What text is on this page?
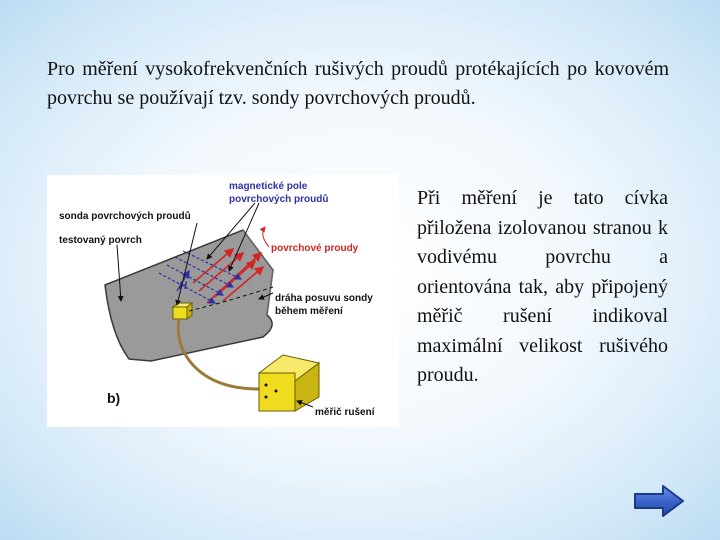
Pro měření vysokofrekvenčních rušivých proudů protékajících po kovovém povrchu se používají tzv. sondy povrchových proudů.

H
magnetické pole
povrchových proudů
sonda povrchových proudů
testovaný povrch
povrchové proudy
dráha posuvu sondy
během měření
měřič rušení
b)

Při měření je tato cívka přiložena izolovanou stranou k vodivému povrchu a orientována tak, aby připojený měřič rušení indikoval maximální velikost rušivého proudu.
